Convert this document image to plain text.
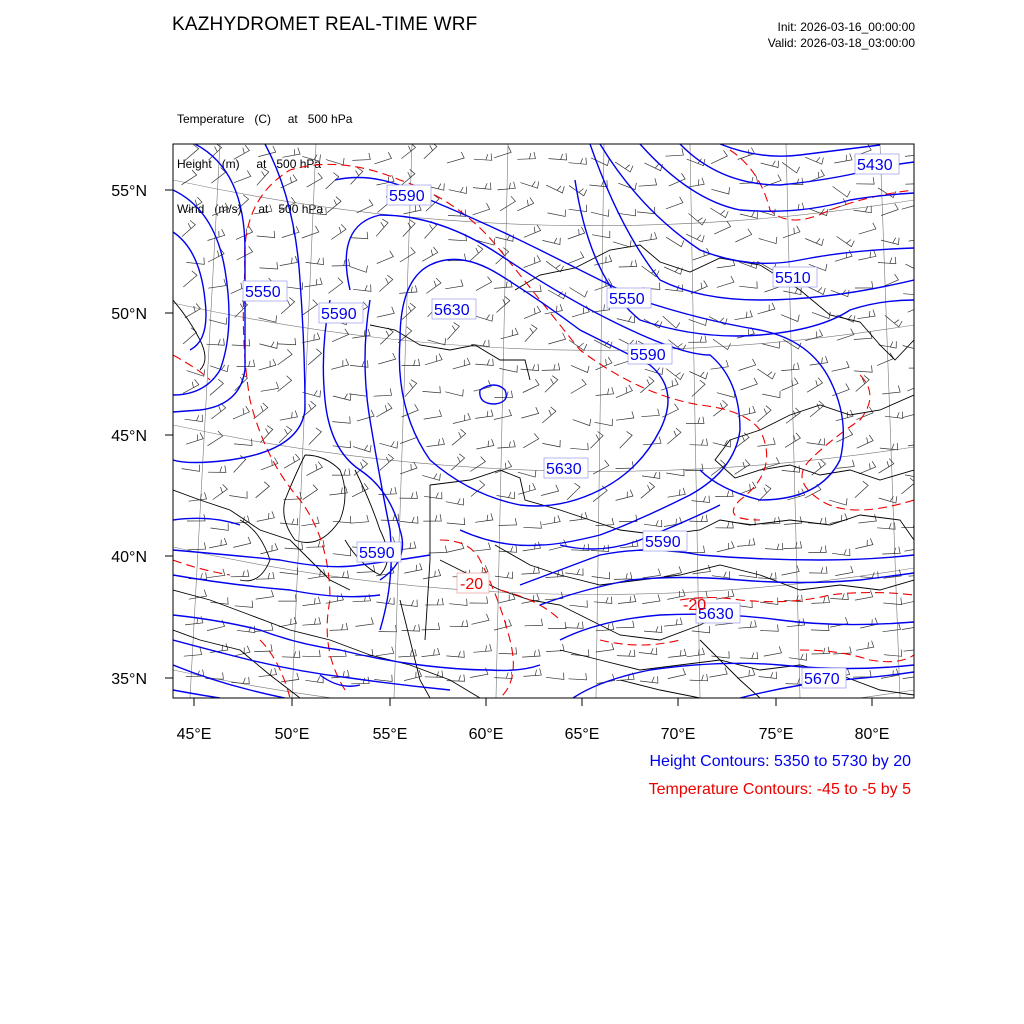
KAZHYDROMET REAL-TIME WRF	Init: 2026-03-16_00:00:00
Valid: 2026-03-18_03:00:00

Temperature   (C)     at   500 hPa

Height   (m)     at   500 hPa

Wind   (m/s)     at   500 hPa

55°N
50°N
45°N
40°N
35°N
45°E	50°E	55°E	60°E	65°E	70°E	75°E	80°E
5430
5590
5510
5550	5550
5590	5630
5590
5630
5590
5590
5630
5670
-20
-20
Height Contours: 5350 to 5730 by 20
Temperature Contours: -45 to -5 by 5
